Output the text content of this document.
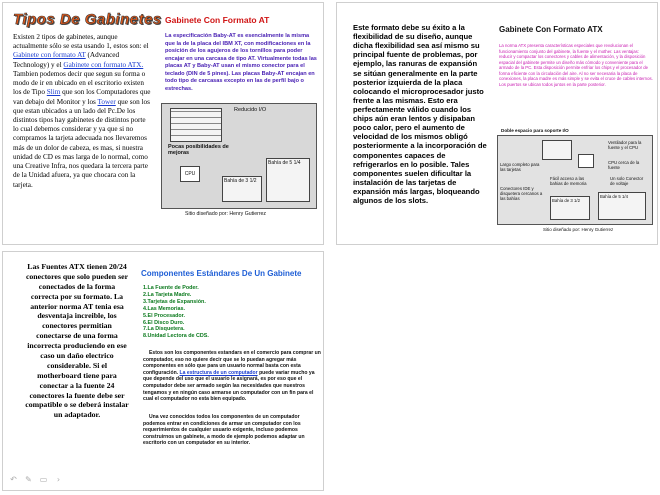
Tipos De Gabinetes
Existen 2 tipos de gabinetes, aunque actualmente sólo se esta usando 1, estos son: el Gabinete con formato AT (Advanced Technology) y el Gabinete con formato ATX. Tambien podemos decir que segun su forma o modo de ir en ubicado en el escritorio existen los de Tipo Slim que son los Computadores que van debajo del Monitor y los Tower que son los que estan ubicados a un lado del Pc.De los distintos tipos hay gabinetes de distintos porte lo cual debemos considerar y ya que si no compramos la tarjeta adecuada nos llevaremos más de un dolor de cabeza, es mas, si nuestra unidad de CD es mas larga de lo normal, como una Creative Infra, nos quedara la tercera parte de la Unidad afuera, ya que chocara con la tarjeta.
Gabinete Con Formato AT
La especificación Baby-AT es esencialmente la misma que la de la placa del IBM XT, con modificaciones en la posición de los agujeros de los tornillos para poder encajar en una carcasa de tipo AT. Virtualmente todas las placas AT y Baby-AT usan el mismo conector para el teclado (DIN de 5 pines). Las placas Baby-AT encajan en todo tipo de carcasas excepto en las de perfil bajo o estrechas.
Reducido I/O
Pocas posibilidades de mejoras
CPU
Bahía de 3 1/2
Bahía de 5 1/4
Sitio diseñado por: Henry Gutierrez
Este formato debe su éxito a la flexibilidad de su diseño, aunque dicha flexibilidad sea así mismo su principal fuente de problemas, por ejemplo, las ranuras de expansión se sitúan generalmente en la parte posterior izquierda de la placa colocando el microprocesador justo frente a las mismas. Esto era perfectamente válido cuando los chips aún eran lentos y disipaban poco calor, pero el aumento de velocidad de los mismos obligó posteriormente a la incorporación de componentes capaces de refrigerarlos en lo posible. Tales componentes suelen dificultar la instalación de las tarjetas de expansión más largas, bloqueando algunos de los slots.
Gabinete Con Formato ATX
La norma ATX presenta características especiales que revolucionan el funcionamiento conjunto del gabinete, la fuente y el mother. Las ventajas: reducir y compactar los conectores y cables de alimentación, y la disposición espacial del gabinete permite un diseño más cómodo y conveniente para el armado de la PC. Esta disposición permite enfriar los chips y el procesador de forma eficiente con la circulación del aire. Al no ser necesaria la placa de conexiones, la placa madre es más simple y se evita el cruce de cables internos. Los puertos se ubican todos juntos en la parte posterior.
Doble espacio para soporte I/O
Ventilador para la fuente y el CPU
Largo completo para las tarjetas
CPU cerca de la fuente
Fácil acceso a las bahias de memoria
Conectores IDE y disquetera cercanos a las bahías
Un solo Conector de voltaje
Bahía de 3 1/2
Bahía de 5 1/4
Sitio diseñado por: Henry Gutierrez
Las Fuentes ATX tienen 20/24 conectores que solo pueden ser conectados de la forma correcta por su formato. La anterior norma AT tenia esa desventaja increible, los conectores permitian conectarse de una forma incorrecta produciendo en ese caso un daño electrico considerable. Si el motherboard tiene para conectar a la fuente 24 conectores la fuente debe ser compatible o se deberá instalar un adaptador.
Componentes Estándares De Un Gabinete
1.La Fuente de Poder.
2.La Tarjeta Madre.
3.Tarjetas de Expansión.
4.Las Memorias.
5.El Procesador.
6.El Disco Duro.
7.La Disquetera.
8.Unidad Lectora de CDS.

Estos son los componentes estandars en el comercio para comprar un computador, eso no quiere decir que se lo puedan agregar más componentes en sólo que para un usuario normal basta con esta configuración. La estructura de un computador puede variar mucho ya que depende del uso que el usuario le asignará, es por eso que el computador debe ser armado según las necesidades que nuestros tengamos y en ningún caso armarse un computador con un fin para el cual el computador no esta bien equipado.

Una vez conocidos todos los componentes de un computador podemos entrar en condiciones de armar un computador con los requerimientos de cualquier usuario exigente, incluso podemos construirnos un gabinete, a modo de ejemplo podemos adaptar un escritorio con un computador en su interior.

↶ ✎ ▭	›
